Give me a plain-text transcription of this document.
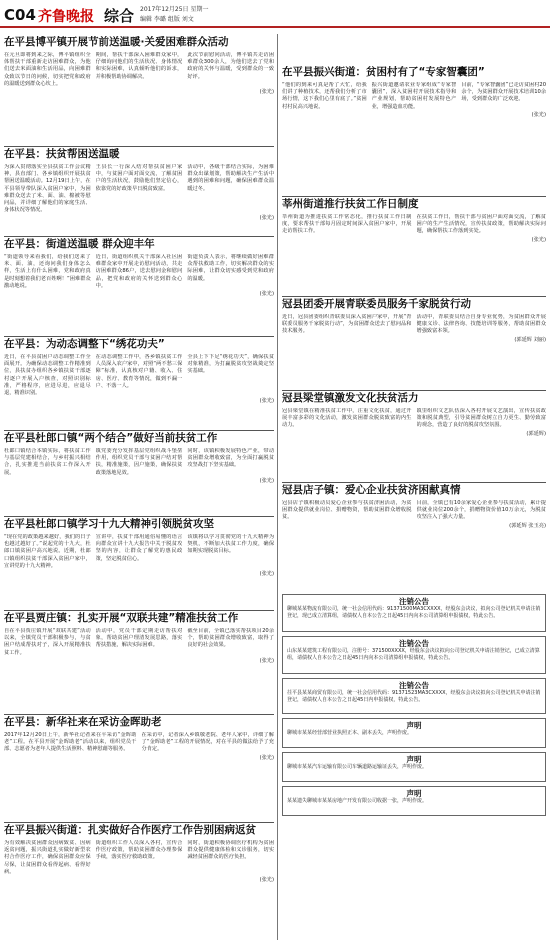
C04 齐鲁晚报 综合 2017年12月25日 星期一
编辑 李璐 组版 刘文
在平县博平镇开展节前送温暖·关爱困难群众活动

在元旦即将到来之际，博平镇组织全体帮扶干部重新走访困难群众，为他们送去米面油和生活用品，向困难群众致以节日的问候，切实把党和政府的温暖送到群众心坎上。

期间，帮扶干部深入困难群众家中，仔细询问他们的生活状况、身体情况和实际困难，认真倾听他们的诉求，并积极帮助协调解决。

此次节前慰问活动，博平镇共走访困难群众300余人，为他们送去了党和政府的关怀与温暖，受到群众的一致好评。

(张光)
在平县：扶贫帮困送温暖

为深入贯彻落实全县扶贫工作会议精神，县直部门、各乡镇组织开展扶贫帮困送温暖活动。12月19日上午，在平县领导带队深入贫困户家中，为困难群众送去了米、面、油、棉被等慰问品，并详细了解他们的家庭生活、身体状况等情况。

王县长一行深入结对帮扶贫困户家中，与贫困户面对面交流，了解贫困户的生活状况，鼓励他们坚定信心，依靠党的好政策早日脱贫致富。

活动中，各级干部结合实际，为困难群众出谋划策，帮助解决生产生活中遇到的困难和问题，确保困难群众温暖过冬。

(张光)
在平县：街道送温暖 群众迎丰年

“街道领导来看我们，给我们送来了米、面、油，还询问我们身体怎么样，生活上有什么困难，党和政府真是时刻想着我们老百姓啊！”困难群众激动地说。

近日，街道组织机关干部深入社区困难群众家中开展走访慰问活动，共走访困难群众86户，送去慰问金和慰问品，把党和政府的关怀送到群众心中。

街道负责人表示，将继续做好困难群众帮扶救助工作，切实解决群众的实际困难，让群众切实感受到党和政府的温暖。

(张光)
在平县：为动态调整下“绣花功夫”

近日，在平县贫困户动态调整工作全面展开。为确保动态调整工作精准到位，县扶贫办组织各乡镇扶贫干部逐村逐户开展入户核查，对照识别标准，严格程序，应进尽进，应退尽退，精准识别。

在动态调整工作中，各乡镇扶贫工作人员深入农户家中，对照“两不愁三保障”标准，认真核对户籍、收入、住房、医疗、教育等情况，做到不漏一户、不落一人。

全县上下下足“绣花功夫”，确保扶贫对象精准，为打赢脱贫攻坚战奠定坚实基础。

(张光)
在平县杜郎口镇“两个结合”做好当前扶贫工作

杜郎口镇结合本镇实际，将扶贫工作与基层党建相结合，与乡村振兴相结合，扎实推进当前扶贫工作深入开展。

镇党委充分发挥基层党组织战斗堡垒作用，组织党员干部与贫困户结对帮扶，精准施策，因户施策，确保扶贫政策落地见效。

同时，该镇积极发展特色产业，带动贫困群众增收致富，为全面打赢脱贫攻坚战打下坚实基础。

(张光)
在平县杜郎口镇学习十九大精神引领脱贫攻坚

“现在党的政策越来越好，我们的日子也越过越好了。”说起党的十九大，杜郎口镇贫困户高兴地说。近期，杜郎口镇组织扶贫干部深入贫困户家中，宣讲党的十九大精神。

宣讲中，扶贫干部用通俗易懂的语言向群众宣讲十九大报告中关于脱贫攻坚的内容，让群众了解党的惠民政策，坚定脱贫信心。

该镇将以学习贯彻党的十九大精神为契机，不断加大扶贫工作力度，确保如期实现脱贫目标。

(张光)
在平县贾庄镇：扎实开展“双联共建”精准扶贫工作

自在平县贾庄镇开展“双联共建”活动以来，全镇党员干部积极参与，与贫困户结成帮扶对子，深入开展精准扶贫工作。

活动中，党员干部定期走访帮扶对象，帮助贫困户理清发展思路，落实帮扶措施，解决实际困难。

截至目前，全镇已落实帮扶项目20余个，帮助贫困群众增收致富，取得了良好的社会效果。

(张光)
在平县：新华社来在采访金晖助老

2017年12月20日上午，新华社记者来在平采访“金晖助老”工程。在平县开展“金晖助老”活动以来，组织党员干部、志愿者为老年人提供生活照料、精神慰藉等服务。

在采访中，记者深入乡镇敬老院、老年人家中，详细了解了“金晖助老”工程的开展情况，对在平县的做法给予了充分肯定。

(张光)
在平县振兴街道：扎实做好合作医疗工作告别困病返贫

为有效解决贫困群众因病致贫、因病返贫问题，振兴街道扎实做好新型农村合作医疗工作，确保贫困群众应保尽保，让贫困群众看得起病、看得好病。

街道组织工作人员深入各村，宣传合作医疗政策，帮助贫困群众办理参保手续，落实医疗救助政策。

同时，街道积极协调医疗机构为贫困群众提供健康体检和义诊服务，切实减轻贫困群众的医疗负担。

(张光)
在平县振兴街道：贫困村有了“专家智囊团”

“他们的到来可真是帮了大忙，给我们讲了种植技术，还帮我们分析了市场行情，这下我们心里有底了。”贫困村村民高兴地说。

振兴街道邀请农业专家组成“专家智囊团”，深入贫困村开展技术指导和产业规划，帮助贫困村发展特色产业，增强造血功能。

目前，“专家智囊团”已走访贫困村20余个，为贫困群众开展技术培训10余场，受到群众的广泛欢迎。

(张光)
莘州街道推行扶贫工作日制度

莘州街道为推进扶贫工作常态化，推行扶贫工作日制度，要求帮扶干部每月固定时间深入贫困户家中，开展走访帮扶工作。

在扶贫工作日，帮扶干部与贫困户面对面交流，了解贫困户的生产生活情况，宣传扶贫政策，帮助解决实际问题，确保帮扶工作落到实处。

(张光)
冠县团委开展青联委员服务千家脱贫行动

近日，冠县团委组织青联委员深入贫困户家中，开展“青联委员服务千家脱贫行动”，为贫困群众送去了慰问品和技术服务。

活动中，青联委员结合自身专业优势，为贫困群众开展健康义诊、法律咨询、技能培训等服务，帮助贫困群众增强致富本领。

(郭延辉 刘丽)
冠县梁堂镇激发文化扶贫活力

冠县梁堂镇在精准扶贫工作中，注重文化扶贫，通过开展丰富多彩的文化活动，激发贫困群众脱贫致富的内生动力。

镇里组织文艺队伍深入各村开展文艺演出，宣传扶贫政策和脱贫典型，引导贫困群众树立自力更生、勤劳致富的观念，营造了良好的脱贫攻坚氛围。

(郭延辉)
冠县店子镇：爱心企业扶贫济困献真情

冠县店子镇积极动员爱心企业参与扶贫济困活动，为贫困群众提供就业岗位、捐赠物资，帮助贫困群众增收脱贫。

目前，全镇已有10余家爱心企业参与扶贫活动，累计提供就业岗位200余个，捐赠物资价值10万余元，为脱贫攻坚注入了强大力量。

(郭延辉 张玉亮)
注销公告
聊城某某物流有限公司，统一社会信用代码：91371500MA3CXXXX，经股东会决议，拟向公司登记机关申请注销登记，现已成立清算组，请债权人自本公告之日起45日内向本公司清算组申报债权，特此公告。
注销公告
山东某某建筑工程有限公司，注册号：371500XXXX，经股东会决议拟向公司登记机关申请注销登记，已成立清算组，请债权人自本公告之日起45日内向本公司清算组申报债权，特此公告。
注销公告
茌平县某某商贸有限公司，统一社会信用代码：91371523MA3CXXXX，经股东会决议拟向公司登记机关申请注销登记，请债权人自本公告之日起45日内申报债权，特此公告。
声明
聊城市某某经营部营业执照正本、副本丢失，声明作废。
声明
聊城市某某汽车运输有限公司车辆道路运输证丢失，声明作废。
声明
某某遗失聊城市某某房地产开发有限公司收据一张，声明作废。
